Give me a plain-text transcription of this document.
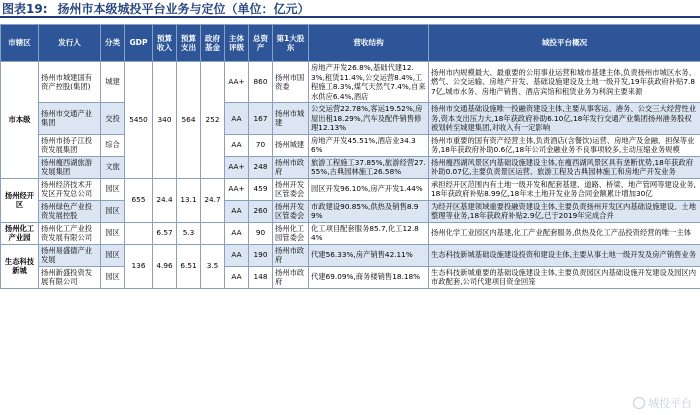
图表19: 扬州市本级城投平台业务与定位（单位：亿元）
市辖区	发行人	分类	GDP	预算收入	预算支出	政府基金	主体评级	总资产	第1大股东	营收结构	城投平台概况
市本级	扬州市城建国有资产控股(集团)	城建	5450	340	564	252	AA+	860	扬州市国资委	房地产开发26.8%,基础代建12.3%,租赁11.4%,公交运营8.4%,工程施工8.3%,煤气天然气7.4%,自来水供应6.4%,酒店	扬州市内规模最大、最重要的公用事业运营和城市基建主体,负责扬州市城区水务、燃气、公交运输、房地产开发、基础设施建设及土地一级开发,19年获政府补贴7.87亿,城市水务、房地产销售、酒店宾馆和租赁业务为利润主要来源
	扬州市交通产业集团	交投					AA	167	扬州市城建	公交运营22.78%,客运19.52%,房屋出租18.29%,汽车及配件销售修理12.13%	扬州市交通基础设施唯一投融资建设主体,主要从事客运、港务、公交三大经营性业务,资本支出压力大,18年获政府补助6.10亿,18年发行交通产业集团扬州港务股权被划转至城建集团,对收入有一定影响
	扬州市扬子江投资发展集团	综合					AA	70	扬州城建	房地产开发45.51%,酒店业34.36%	扬州市重要的国有资产经营主体,负责酒店(含餐饮)运营、房地产及金融、担保等业务,18年获政府补助0.6亿,18年公司金融业务不良事项较多,主动压缩业务规模
	扬州瘦西湖旅游发展集团	文旅					AA+	248	扬州市政府	旅游工程施工37.85%,旅游经营27.55%,古典园林施工26.58%	扬州瘦西湖风景区内基础设施建设主体,在瘦西湖风景区具有垄断优势,18年获政府补助0.07亿,主要负责景区运营、旅游工程及古典园林施工和房地产开发业务
扬州经开区	扬州经济技术开发区开发总公司	园区	655	24.4	13.1	24.7	AA+	459	扬州开发区管委会	园区开发96.10%,房产开发1.44%	承担经开区范围内有土地一级开发和配套基建、道路、桥梁、地产管网等建设业务,18年获政府补贴8.99亿,18年末土地开发业务合同金额累计增加30亿
	扬州绿色产业投资发展控股	园区					AA	260	扬州开发区管委会	市政建设90.85%,供热及销售8.99%	为经开区基建领域重要投融资建设主体,主要负责扬州开发区内基础设施建设、土地整理等业务,18年获政府补贴2.9亿,已于2019年完成合并
扬州化工产业园	扬州化工产业投资发展有限公司	园区		6.57	5.3		AA	90	扬州化工园管委会	化工项目配套服务85.7,化工12.84%	扬州化学工业园区内基建,化工产业配套服务,供热及化工产品投资经营的唯一主体
生态科技新城	扬州易盛德产业发展	园区	136	4.96	6.51	3.5	AA	190	扬州市政府	代建56.33%,房产销售42.11%	生态科技新城基础设施建设投资和建设主体,主要从事土地一级开发及房产销售业务
	扬州新盛投资发展有限公司	园区					AA	148	扬州市政府	代建69.09%,商务楼销售18.18%	生态科技新城重要的基础设施建设主体,主要负责园区内基础设施开发建设及园区内市政配套,公司代建项目资金回笼
城投平台
